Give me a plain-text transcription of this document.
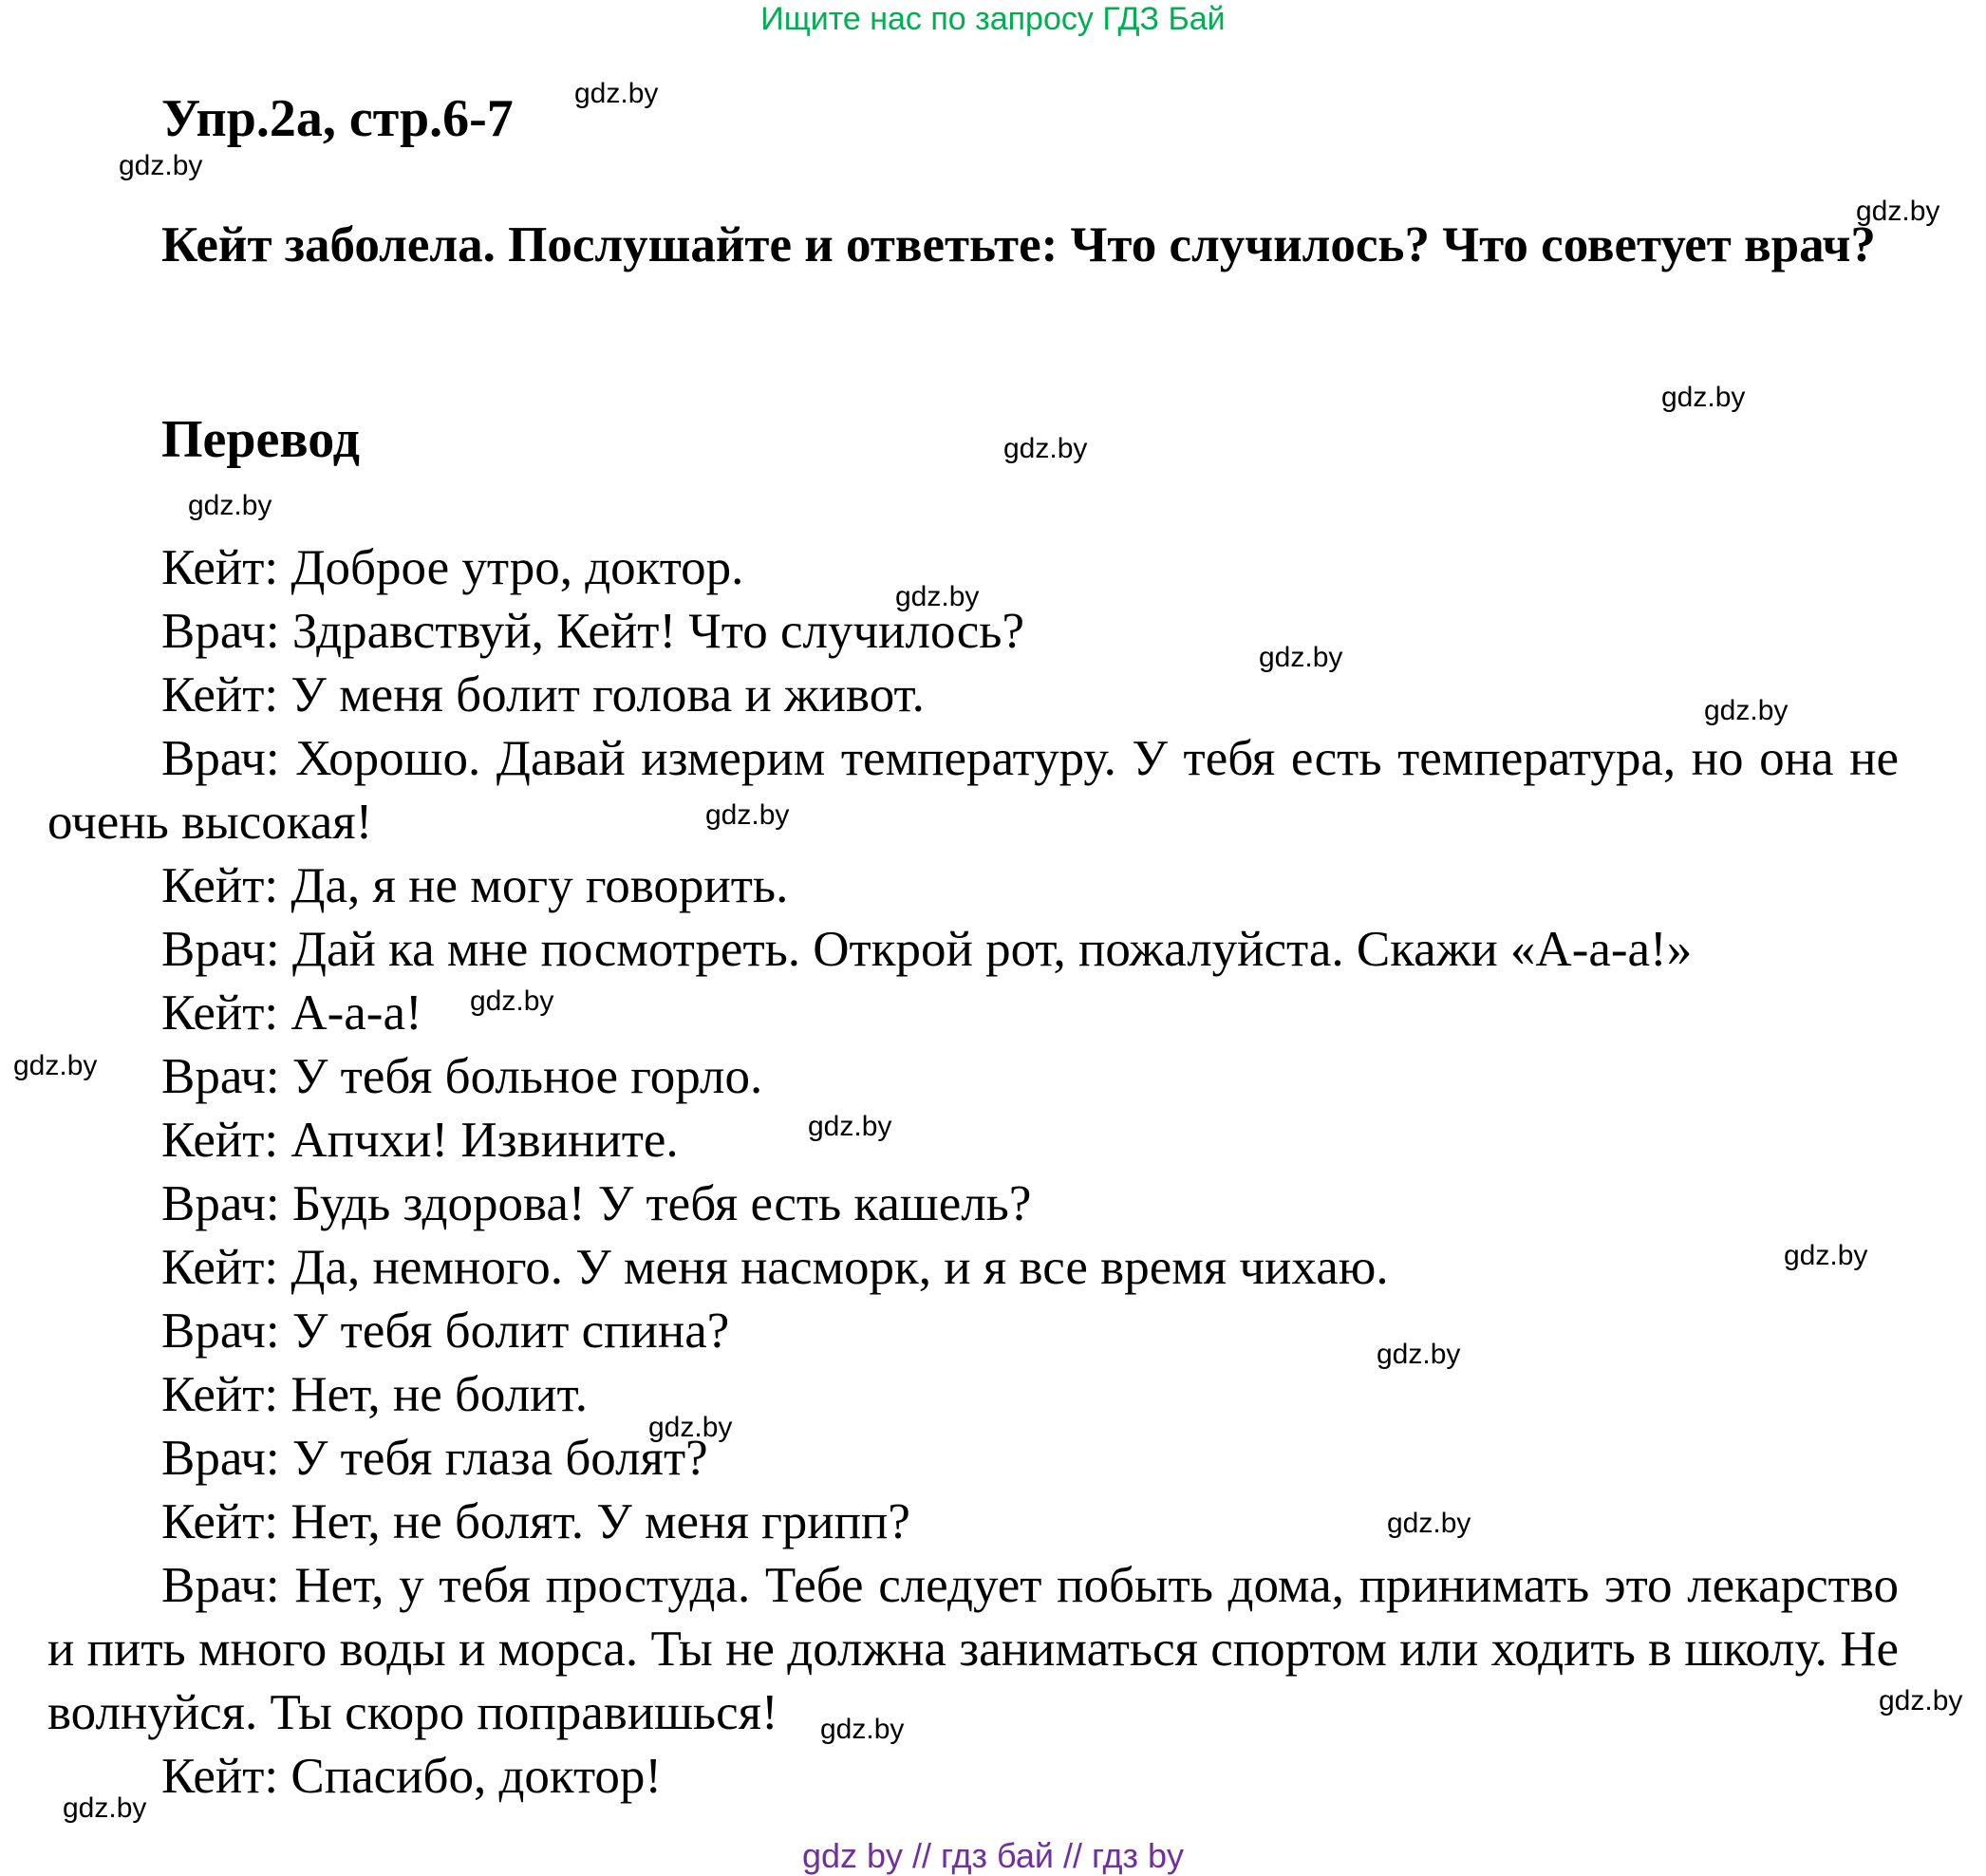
Ищите нас по запросу ГДЗ Бай
Упр.2а, стр.6-7
Кейт заболела. Послушайте и ответьте: Что случилось? Что советует врач?
Перевод
Кейт: Доброе утро, доктор.
Врач: Здравствуй, Кейт! Что случилось?
Кейт: У меня болит голова и живот.
Врач: Хорошо. Давай измерим температуру. У тебя есть температура, но она не очень высокая!
Кейт: Да, я не могу говорить.
Врач: Дай ка мне посмотреть. Открой рот, пожалуйста. Скажи «А-а-а!»
Кейт: А-а-а!
Врач: У тебя больное горло.
Кейт: Апчхи! Извините.
Врач: Будь здорова! У тебя есть кашель?
Кейт: Да, немного. У меня насморк, и я все время чихаю.
Врач: У тебя болит спина?
Кейт: Нет, не болит.
Врач: У тебя глаза болят?
Кейт: Нет, не болят. У меня грипп?
Врач: Нет, у тебя простуда. Тебе следует побыть дома, принимать это лекарство и пить много воды и морса. Ты не должна заниматься спортом или ходить в школу. Не волнуйся. Ты скоро поправишься!
Кейт: Спасибо, доктор!
gdz.by
gdz.by
gdz.by
gdz.by
gdz.by
gdz.by
gdz.by
gdz.by
gdz.by
gdz.by
gdz.by
gdz.by
gdz.by
gdz.by
gdz.by
gdz.by
gdz.by
gdz.by
gdz.by
gdz.by
gdz by // гдз бай // гдз by
